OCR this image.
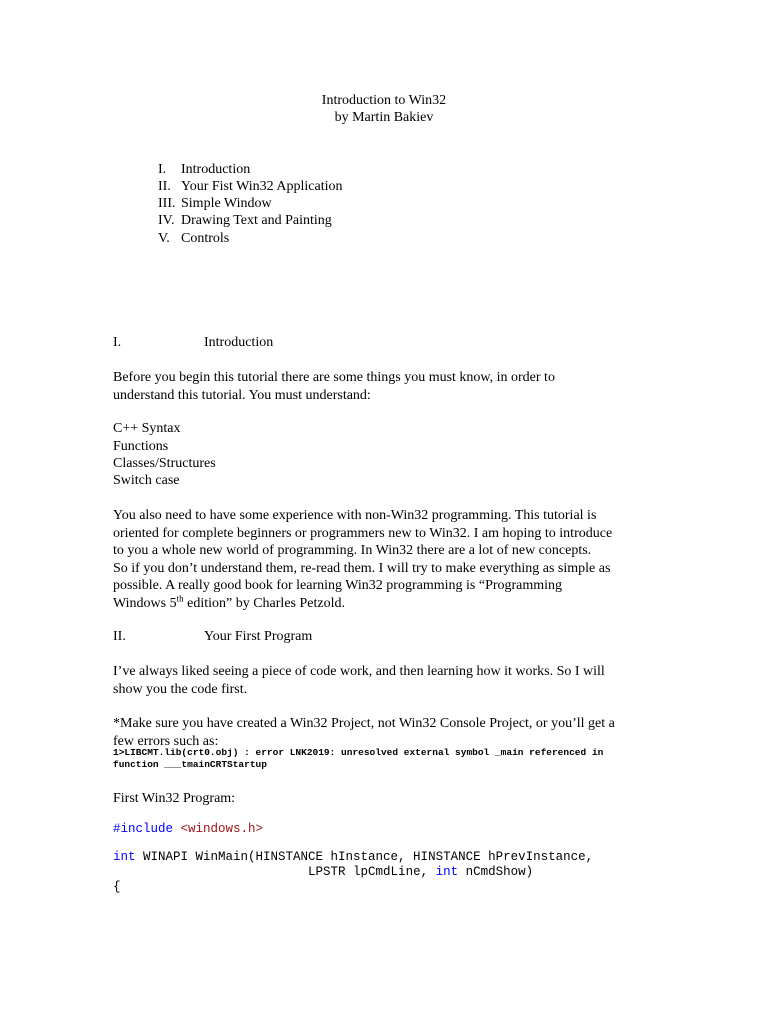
Introduction to Win32
by Martin Bakiev
I.	Introduction
II. Your Fist Win32 Application
III. Simple Window
IV. Drawing Text and Painting
V. Controls
I.	Introduction
Before you begin this tutorial there are some things you must know, in order to
understand this tutorial. You must understand:
C++ Syntax
Functions
Classes/Structures
Switch case
You also need to have some experience with non-Win32 programming. This tutorial is
oriented for complete beginners or programmers new to Win32. I am hoping to introduce
to you a whole new world of programming. In Win32 there are a lot of new concepts.
So if you don’t understand them, re-read them. I will try to make everything as simple as
possible. A really good book for learning Win32 programming is “Programming
Windows 5th edition” by Charles Petzold.
II.	Your First Program
I’ve always liked seeing a piece of code work, and then learning how it works. So I will
show you the code first.
*Make sure you have created a Win32 Project, not Win32 Console Project, or you’ll get a
few errors such as:
1>LIBCMT.lib(crt0.obj) : error LNK2019: unresolved external symbol _main referenced in
function ___tmainCRTStartup
First Win32 Program:
#include <windows.h>
int WINAPI WinMain(HINSTANCE hInstance, HINSTANCE hPrevInstance,
LPSTR lpCmdLine, int nCmdShow)
{
